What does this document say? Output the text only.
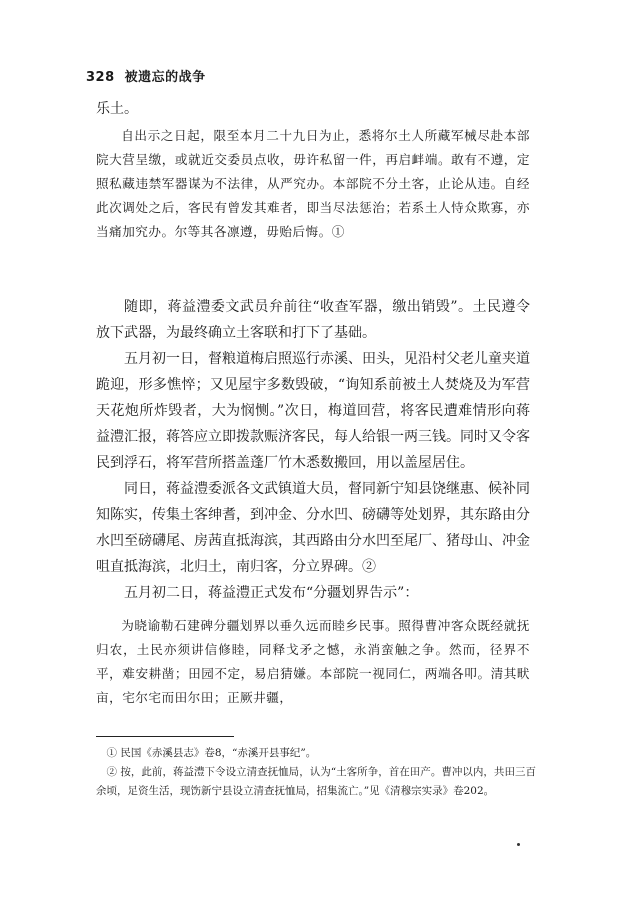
328 被遗忘的战争

乐土。

自出示之日起，限至本月二十九日为止，悉将尔土人所藏军械尽赴本部院大营呈缴，或就近交委员点收，毋许私留一件，再启衅端。敢有不遵，定照私藏违禁军器谋为不法律，从严究办。本部院不分土客，止论从违。自经此次调处之后，客民有曾发其难者，即当尽法惩治；若系土人恃众欺寡，亦当痛加究办。尔等其各凛遵，毋贻后悔。①

随即，蒋益澧委文武员弁前往“收查军器，缴出销毁”。土民遵令放下武器，为最终确立土客联和打下了基础。

五月初一日，督粮道梅启照巡行赤溪、田头，见沿村父老儿童夹道跪迎，形多憔悴；又见屋宇多数毁破，“询知系前被土人焚烧及为军营天花炮所炸毁者，大为悯恻。”次日，梅道回营，将客民遭难情形向蒋益澧汇报，蒋答应立即拨款赈济客民，每人给银一两三钱。同时又令客民到浮石，将军营所搭盖蓬厂竹木悉数搬回，用以盖屋居住。

同日，蒋益澧委派各文武镇道大员，督同新宁知县饶继惠、候补同知陈实，传集土客绅耆，到冲金、分水凹、磅礴等处划界，其东路由分水凹至磅礴尾、房茜直抵海滨，其西路由分水凹至尾厂、猪母山、冲金咀直抵海滨，北归土，南归客，分立界碑。②

五月初二日，蒋益澧正式发布“分疆划界告示”：

为晓谕勒石建碑分疆划界以垂久远而睦乡民事。照得曹冲客众既经就抚归农，土民亦须讲信修睦，同释戈矛之憾，永消蛮触之争。然而，径界不平，难安耕凿；田园不定，易启猜嫌。本部院一视同仁，两端各叩。清其畎亩，宅尔宅而田尔田；正厥井疆，

① 民国《赤溪县志》卷8，“赤溪开县事纪”。

② 按，此前，蒋益澧下令设立清查抚恤局，认为“土客所争，首在田产。曹冲以内，共田三百余顷，足资生活，现饬新宁县设立清查抚恤局，招集流亡。”见《清穆宗实录》卷202。
